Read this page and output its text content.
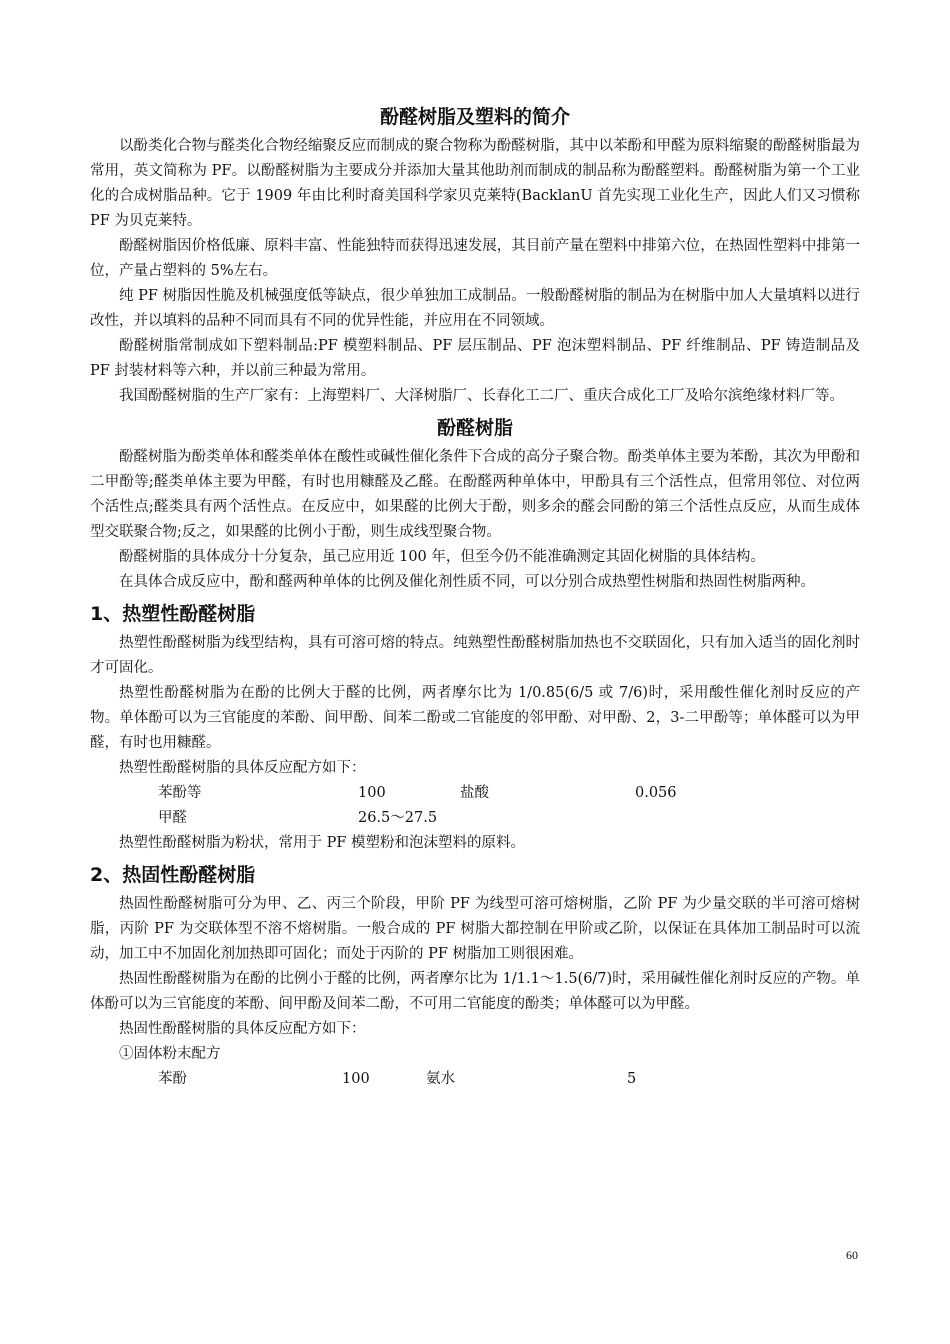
酚醛树脂及塑料的简介

以酚类化合物与醛类化合物经缩聚反应而制成的聚合物称为酚醛树脂，其中以苯酚和甲醛为原料缩聚的酚醛树脂最为常用，英文简称为 PF。以酚醛树脂为主要成分并添加大量其他助剂而制成的制品称为酚醛塑料。酚醛树脂为第一个工业化的合成树脂品种。它于 1909 年由比利时裔美国科学家贝克莱特(BacklanU 首先实现工业化生产，因此人们又习惯称 PF 为贝克莱特。

酚醛树脂因价格低廉、原料丰富、性能独特而获得迅速发展，其目前产量在塑料中排第六位，在热固性塑料中排第一位，产量占塑料的 5%左右。

纯 PF 树脂因性脆及机械强度低等缺点，很少单独加工成制品。一般酚醛树脂的制品为在树脂中加人大量填料以进行改性，并以填料的品种不同而具有不同的优异性能，并应用在不同领域。

酚醛树脂常制成如下塑料制品:PF 模塑料制品、PF 层压制品、PF 泡沫塑料制品、PF 纤维制品、PF 铸造制品及 PF 封装材料等六种，并以前三种最为常用。

我国酚醛树脂的生产厂家有：上海塑料厂、大泽树脂厂、长春化工二厂、重庆合成化工厂及哈尔滨绝缘材料厂等。

酚醛树脂

酚醛树脂为酚类单体和醛类单体在酸性或碱性催化条件下合成的高分子聚合物。酚类单体主要为苯酚，其次为甲酚和二甲酚等;醛类单体主要为甲醛，有时也用糠醛及乙醛。在酚醛两种单体中，甲酚具有三个活性点，但常用邻位、对位两个活性点;醛类具有两个活性点。在反应中，如果醛的比例大于酚，则多余的醛会同酚的第三个活性点反应，从而生成体型交联聚合物;反之，如果醛的比例小于酚，则生成线型聚合物。

酚醛树脂的具体成分十分复杂，虽己应用近 100 年，但至今仍不能准确测定其固化树脂的具体结构。

在具体合成反应中，酚和醛两种单体的比例及催化剂性质不同，可以分别合成热塑性树脂和热固性树脂两种。

1、热塑性酚醛树脂

热塑性酚醛树脂为线型结构，具有可溶可熔的特点。纯熟塑性酚醛树脂加热也不交联固化，只有加入适当的固化剂时才可固化。

热塑性酚醛树脂为在酚的比例大于醛的比例，两者摩尔比为 1/0.85(6/5 或 7/6)时，采用酸性催化剂时反应的产物。单体酚可以为三官能度的苯酚、间甲酚、间苯二酚或二官能度的邻甲酚、对甲酚、2，3-二甲酚等；单体醛可以为甲醛，有时也用糠醛。

热塑性酚醛树脂的具体反应配方如下：

苯酚等	100	盐酸	0.056
甲醛	26.5～27.5

热塑性酚醛树脂为粉状，常用于 PF 模塑粉和泡沫塑料的原料。

2、热固性酚醛树脂

热固性酚醛树脂可分为甲、乙、丙三个阶段，甲阶 PF 为线型可溶可熔树脂，乙阶 PF 为少量交联的半可溶可熔树脂，丙阶 PF 为交联体型不溶不熔树脂。一般合成的 PF 树脂大都控制在甲阶或乙阶，以保证在具体加工制品时可以流动，加工中不加固化剂加热即可固化；而处于丙阶的 PF 树脂加工则很困难。

热固性酚醛树脂为在酚的比例小于醛的比例，两者摩尔比为 1/1.1～1.5(6/7)时，采用碱性催化剂时反应的产物。单体酚可以为三官能度的苯酚、间甲酚及间苯二酚，不可用二官能度的酚类；单体醛可以为甲醛。

热固性酚醛树脂的具体反应配方如下：

①固体粉末配方

苯酚	100	氨水	5
60
